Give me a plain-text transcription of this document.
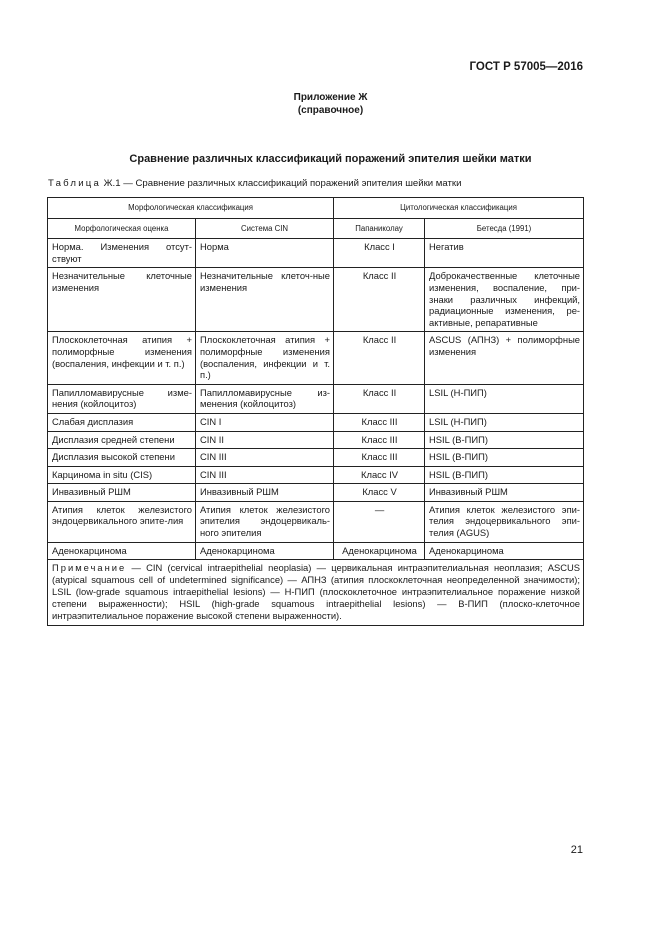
ГОСТ Р 57005—2016
Приложение Ж
(справочное)
Сравнение различных классификаций поражений эпителия шейки матки
Таблица Ж.1 — Сравнение различных классификаций поражений эпителия шейки матки
Морфологическая классификация		Цитологическая классификация	
Морфологическая оценка	Система CIN	Папаниколау	Бетесда (1991)
Норма. Изменения отсут-ствуют	Норма	Класс I	Негатив
Незначительные клеточные изменения	Незначительные клеточ-ные изменения	Класс II	Доброкачественные клеточные изменения, воспаление, при-знаки различных инфекций, радиационные изменения, ре-активные, репаративные
Плоскоклеточная атипия + полиморфные изменения (воспаления, инфекции и т. п.)	Плоскоклеточная атипия + полиморфные изменения (воспаления, инфекции и т. п.)	Класс II	ASCUS (АПНЗ) + полиморфные изменения
Папилломавирусные изме-нения (койлоцитоз)	Папилломавирусные из-менения (койлоцитоз)	Класс II	LSIL (Н-ПИП)
Слабая дисплазия	CIN I	Класс III	LSIL (Н-ПИП)
Дисплазия средней степени	CIN II	Класс III	HSIL (В-ПИП)
Дисплазия высокой степени	CIN III	Класс III	HSIL (В-ПИП)
Карцинома in situ (CIS)	CIN III	Класс IV	HSIL (В-ПИП)
Инвазивный РШМ	Инвазивный РШМ	Класс V	Инвазивный РШМ
Атипия клеток железистого эндоцервикального эпите-лия	Атипия клеток железистого эпителия эндоцервикаль-ного эпителия	—	Атипия клеток железистого эпи-телия эндоцервикального эпи-телия (AGUS)
Аденокарцинома	Аденокарцинома	Аденокарцинома	Аденокарцинома
Примечание — CIN (cervical intraepithelial neoplasia) — цервикальная интраэпителиальная неоплазия; ASCUS (atypical squamous cell of undetermined significance) — АПНЗ (атипия плоскоклеточная неопределенной значимости); LSIL (low-grade squamous intraepithelial lesions) — Н-ПИП (плоскоклеточное интраэпителиальное поражение низкой степени выраженности); HSIL (high-grade squamous intraepithelial lesions) — В-ПИП (плоско-клеточное интраэпителиальное поражение высокой степени выраженности).			
21
